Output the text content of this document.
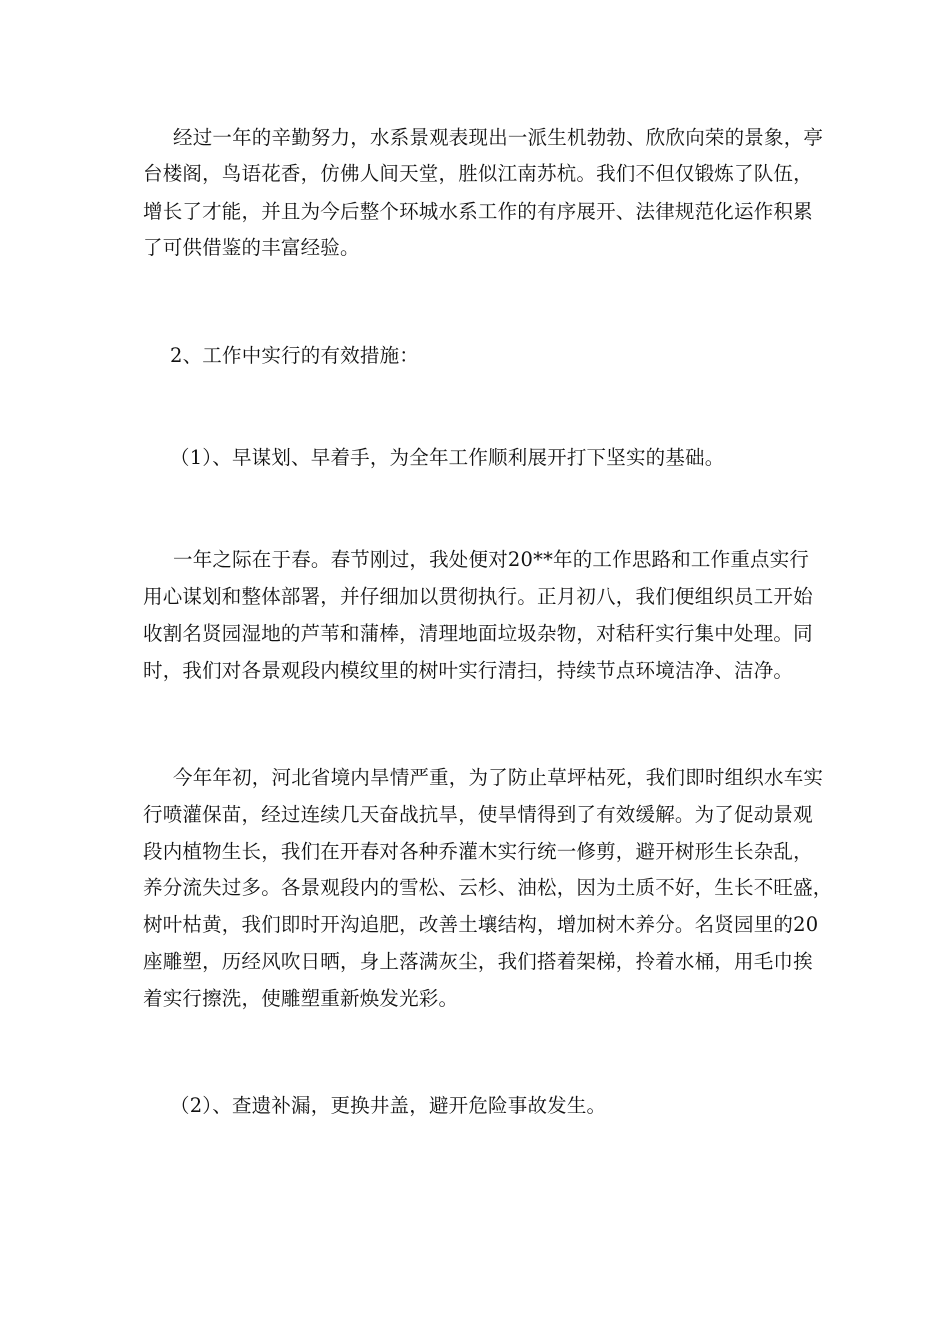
经过一年的辛勤努力，水系景观表现出一派生机勃勃、欣欣向荣的景象，亭
台楼阁，鸟语花香，仿佛人间天堂，胜似江南苏杭。我们不但仅锻炼了队伍，
增长了才能，并且为今后整个环城水系工作的有序展开、法律规范化运作积累
了可供借鉴的丰富经验。
2、工作中实行的有效措施：
（1）、早谋划、早着手，为全年工作顺利展开打下坚实的基础。
一年之际在于春。春节刚过，我处便对20**年的工作思路和工作重点实行
用心谋划和整体部署，并仔细加以贯彻执行。正月初八，我们便组织员工开始
收割名贤园湿地的芦苇和蒲棒，清理地面垃圾杂物，对秸秆实行集中处理。同
时，我们对各景观段内模纹里的树叶实行清扫，持续节点环境洁净、洁净。
今年年初，河北省境内旱情严重，为了防止草坪枯死，我们即时组织水车实
行喷灌保苗，经过连续几天奋战抗旱，使旱情得到了有效缓解。为了促动景观
段内植物生长，我们在开春对各种乔灌木实行统一修剪，避开树形生长杂乱，
养分流失过多。各景观段内的雪松、云杉、油松，因为土质不好，生长不旺盛，
树叶枯黄，我们即时开沟追肥，改善土壤结构，增加树木养分。名贤园里的20
座雕塑，历经风吹日晒，身上落满灰尘，我们搭着架梯，拎着水桶，用毛巾挨
着实行擦洗，使雕塑重新焕发光彩。
（2）、查遗补漏，更换井盖，避开危险事故发生。
